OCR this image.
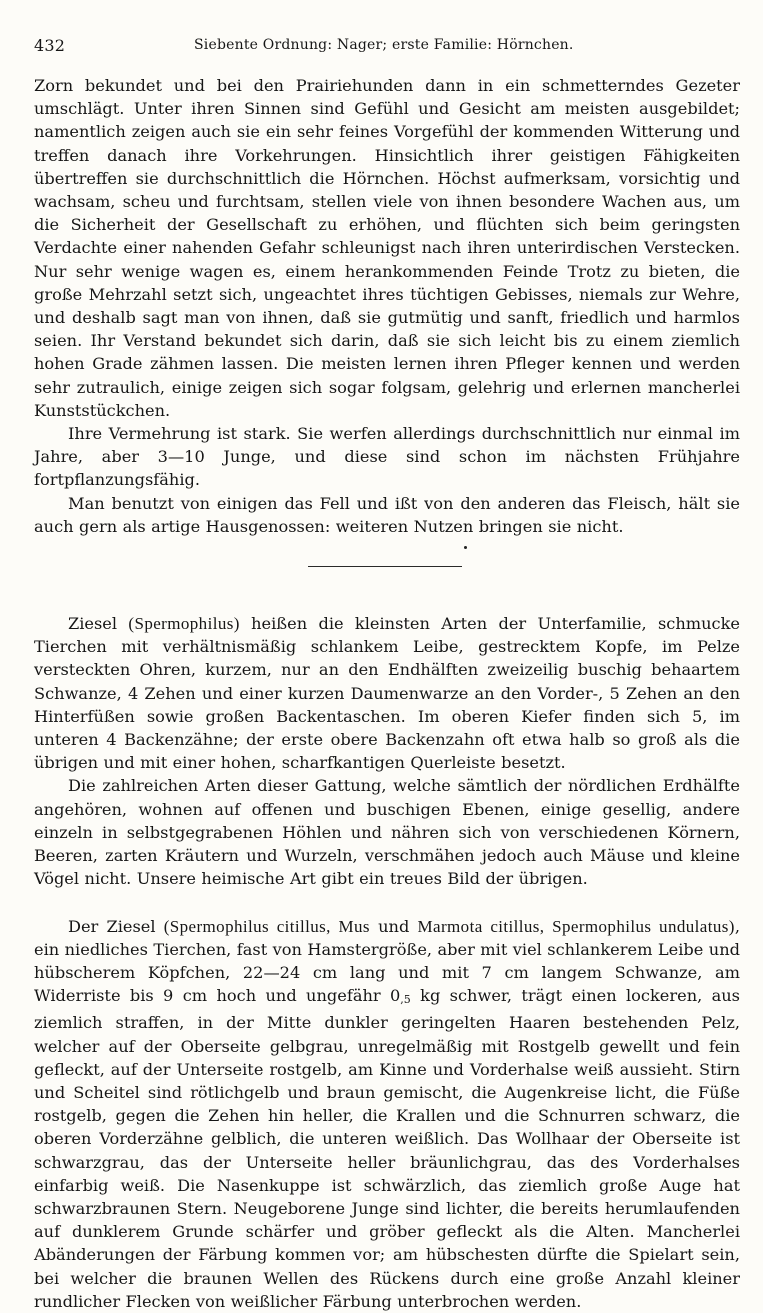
432	Siebente Ordnung: Nager; erste Familie: Hörnchen.

Zorn bekundet und bei den Prairiehunden dann in ein schmetterndes Gezeter umschlägt. Unter ihren Sinnen sind Gefühl und Gesicht am meisten ausgebildet; namentlich zeigen auch sie ein sehr feines Vorgefühl der kommenden Witterung und treffen danach ihre Vorkehrungen. Hinsichtlich ihrer geistigen Fähigkeiten übertreffen sie durchschnittlich die Hörnchen. Höchst aufmerksam, vorsichtig und wachsam, scheu und furchtsam, stellen viele von ihnen besondere Wachen aus, um die Sicherheit der Gesellschaft zu erhöhen, und flüchten sich beim geringsten Verdachte einer nahenden Gefahr schleunigst nach ihren unterirdischen Verstecken. Nur sehr wenige wagen es, einem herankommenden Feinde Trotz zu bieten, die große Mehrzahl setzt sich, ungeachtet ihres tüchtigen Gebisses, niemals zur Wehre, und deshalb sagt man von ihnen, daß sie gutmütig und sanft, friedlich und harmlos seien. Ihr Verstand bekundet sich darin, daß sie sich leicht bis zu einem ziemlich hohen Grade zähmen lassen. Die meisten lernen ihren Pfleger kennen und werden sehr zutraulich, einige zeigen sich sogar folgsam, gelehrig und erlernen mancherlei Kunststückchen.

Ihre Vermehrung ist stark. Sie werfen allerdings durchschnittlich nur einmal im Jahre, aber 3—10 Junge, und diese sind schon im nächsten Frühjahre fortpflanzungsfähig.

Man benutzt von einigen das Fell und ißt von den anderen das Fleisch, hält sie auch gern als artige Hausgenossen: weiteren Nutzen bringen sie nicht.

Ziesel (Spermophilus) heißen die kleinsten Arten der Unterfamilie, schmucke Tierchen mit verhältnismäßig schlankem Leibe, gestrecktem Kopfe, im Pelze versteckten Ohren, kurzem, nur an den Endhälften zweizeilig buschig behaartem Schwanze, 4 Zehen und einer kurzen Daumenwarze an den Vorder-, 5 Zehen an den Hinterfüßen sowie großen Backentaschen. Im oberen Kiefer finden sich 5, im unteren 4 Backenzähne; der erste obere Backenzahn oft etwa halb so groß als die übrigen und mit einer hohen, scharfkantigen Querleiste besetzt.

Die zahlreichen Arten dieser Gattung, welche sämtlich der nördlichen Erdhälfte angehören, wohnen auf offenen und buschigen Ebenen, einige gesellig, andere einzeln in selbstgegrabenen Höhlen und nähren sich von verschiedenen Körnern, Beeren, zarten Kräutern und Wurzeln, verschmähen jedoch auch Mäuse und kleine Vögel nicht. Unsere heimische Art gibt ein treues Bild der übrigen.

Der Ziesel (Spermophilus citillus, Mus und Marmota citillus, Spermophilus undulatus), ein niedliches Tierchen, fast von Hamstergröße, aber mit viel schlankerem Leibe und hübscherem Köpfchen, 22—24 cm lang und mit 7 cm langem Schwanze, am Widerriste bis 9 cm hoch und ungefähr 0,5 kg schwer, trägt einen lockeren, aus ziemlich straffen, in der Mitte dunkler geringelten Haaren bestehenden Pelz, welcher auf der Oberseite gelbgrau, unregelmäßig mit Rostgelb gewellt und fein gefleckt, auf der Unterseite rostgelb, am Kinne und Vorderhalse weiß aussieht. Stirn und Scheitel sind rötlichgelb und braun gemischt, die Augenkreise licht, die Füße rostgelb, gegen die Zehen hin heller, die Krallen und die Schnurren schwarz, die oberen Vorderzähne gelblich, die unteren weißlich. Das Wollhaar der Oberseite ist schwarzgrau, das der Unterseite heller bräunlichgrau, das des Vorderhalses einfarbig weiß. Die Nasenkuppe ist schwärzlich, das ziemlich große Auge hat schwarzbraunen Stern. Neugeborene Junge sind lichter, die bereits herumlaufenden auf dunklerem Grunde schärfer und gröber gefleckt als die Alten. Mancherlei Abänderungen der Färbung kommen vor; am hübschesten dürfte die Spielart sein, bei welcher die braunen Wellen des Rückens durch eine große Anzahl kleiner rundlicher Flecken von weißlicher Färbung unterbrochen werden.
